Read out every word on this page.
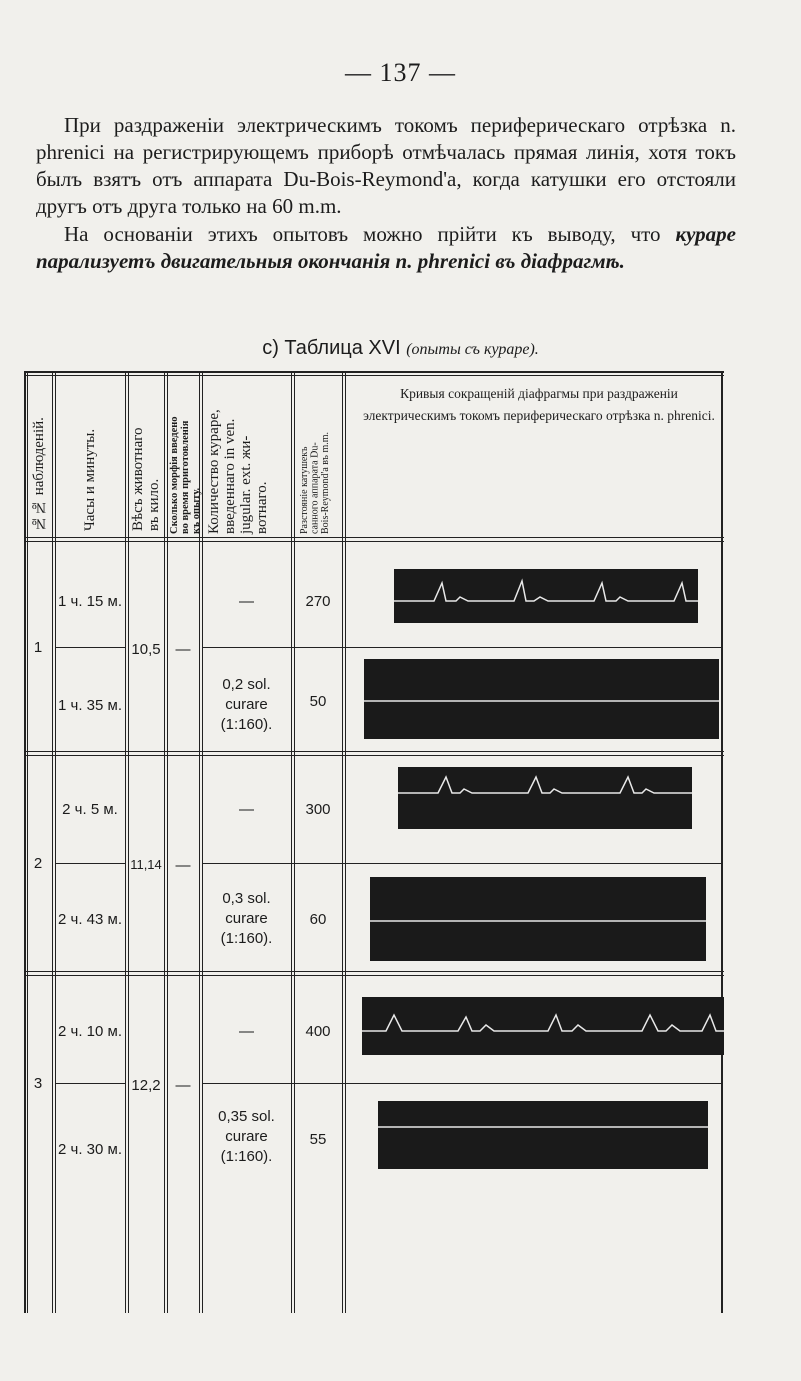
— 137 —
При раздраженіи электрическимъ токомъ периферическаго отрѣзка n. phrenici на регистрирующемъ приборѣ отмѣчалась прямая линія, хотя токъ былъ взятъ отъ аппарата Du-Bois-Reymond'a, когда катушки его отстояли другъ отъ друга только на 60 m.m.
На основаніи этихъ опытовъ можно прійти къ выводу, что кураре парализуетъ двигательныя окончанія n. phrenici въ діафрагмѣ.
c) Таблица XVI (опыты съ кураре).
№№ наблюденій. Часы и минуты. Вѣсъ животнаго
въ кило. Сколько морфія введено
во время приготовленія
къ опыту. Количество кураре,
введеннаго in ven.
jugular. ext. жи-
вотнаго.	Разстояніе катушекъ
санного аппарата Du-
Bois-Reymond'a въ m.m.
Кривыя сокращеній діафрагмы при раздраженіи электрическимъ токомъ периферическаго отрѣзка n. phrenici.
1
1 ч. 15 м.
1 ч. 35 м.
10,5 —
—
0,2 sol.
curare
(1:160).
270
50
2
2 ч. 5 м.
2 ч. 43 м.
11,14 —
—
0,3 sol.
curare
(1:160).
300
60
3
2 ч. 10 м.
2 ч. 30 м.
12,2 —
—
0,35 sol.
curare
(1:160).
400
55
